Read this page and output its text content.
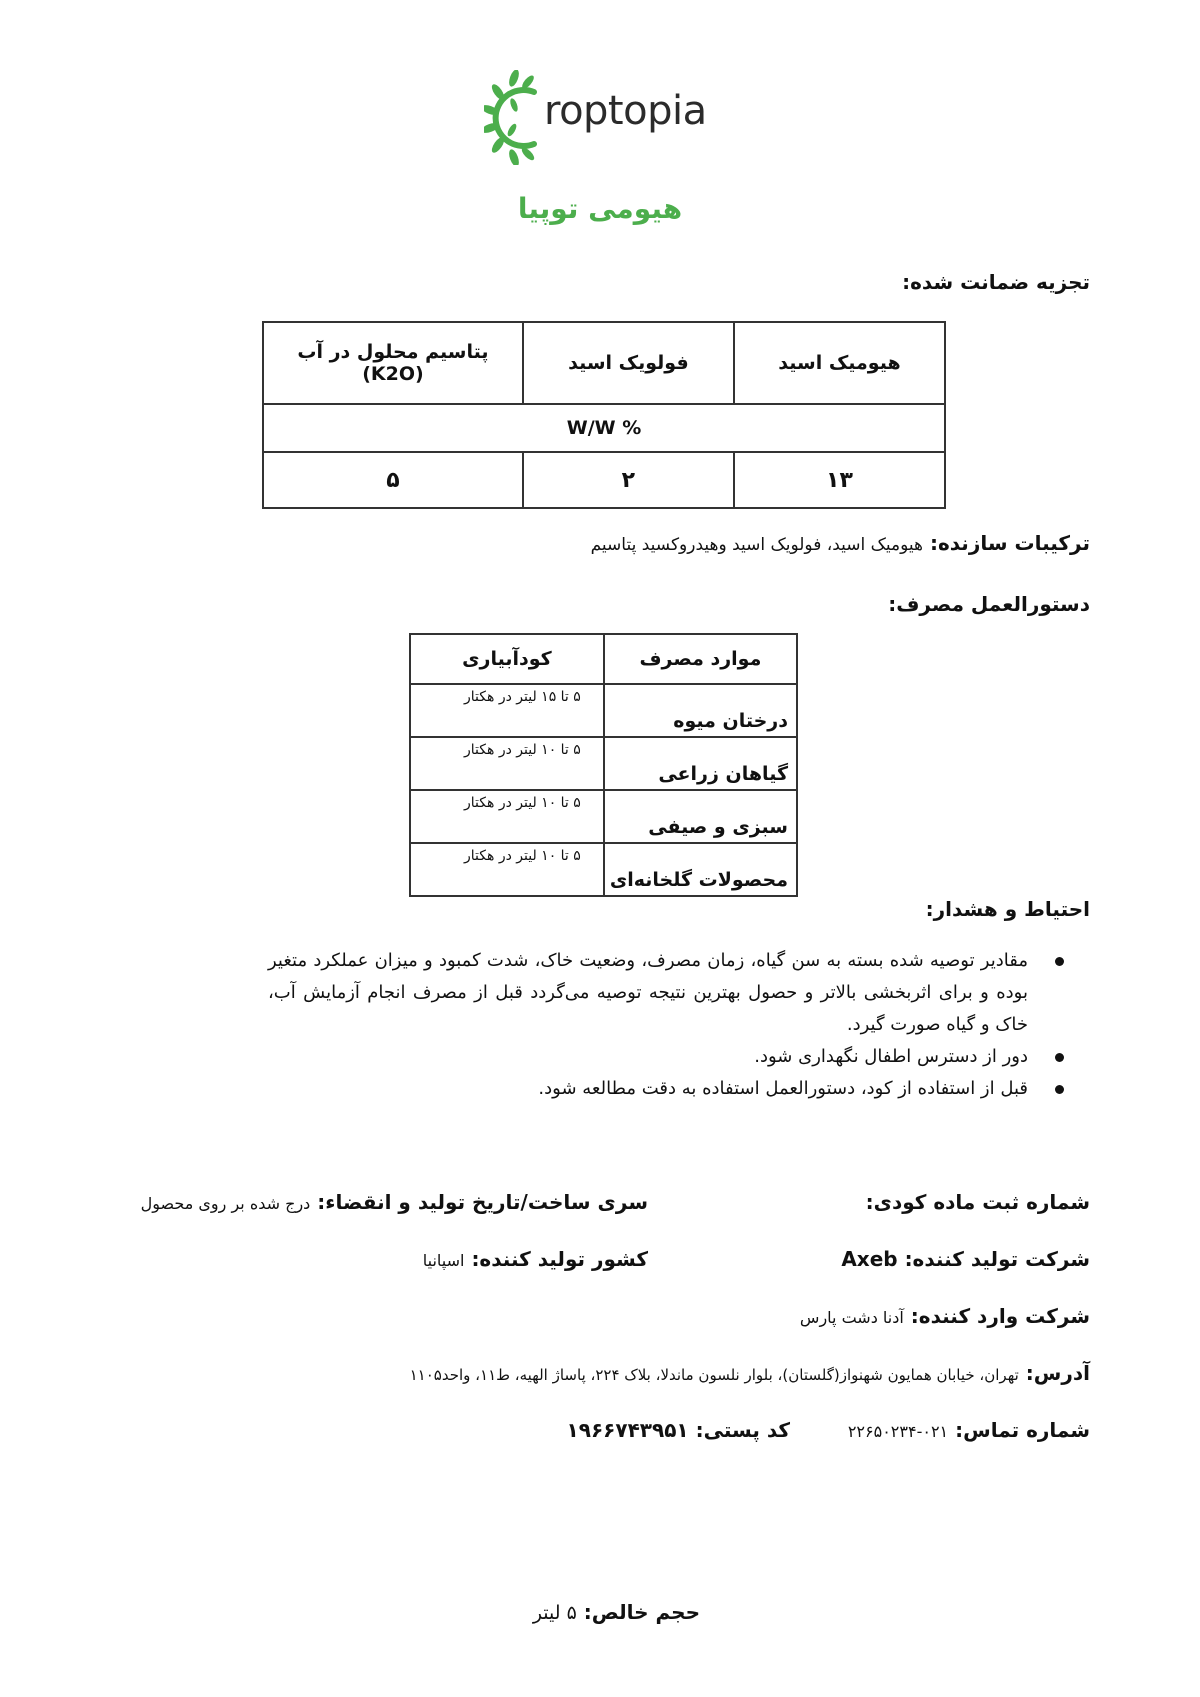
roptopia
هیومی توپیا
تجزیه ضمانت شده:
هیومیک اسید	فولویک اسید	پتاسیم محلول در آب (K2O)
W/W %		
۱۳	۲	۵
ترکیبات سازنده: هیومیک اسید، فولویک اسید وهیدروکسید پتاسیم
دستورالعمل مصرف:
موارد مصرف	کودآبیاری
درختان میوه	۵ تا ۱۵ لیتر در هکتار
گیاهان زراعی	۵ تا ۱۰ لیتر در هکتار
سبزی و صیفی	۵ تا ۱۰ لیتر در هکتار
محصولات گلخانه‌ای	۵ تا ۱۰ لیتر در هکتار
احتیاط و هشدار:
مقادیر توصیه شده بسته به سن گیاه، زمان مصرف، وضعیت خاک، شدت کمبود و میزان عملکرد متغیر بوده و برای اثربخشی بالاتر و حصول بهترین نتیجه توصیه می‌گردد قبل از مصرف انجام آزمایش آب، خاک و گیاه صورت گیرد.
دور از دسترس اطفال نگهداری شود.
قبل از استفاده از کود، دستورالعمل استفاده به دقت مطالعه شود.
شماره ثبت ماده کودی:
سری ساخت/تاریخ تولید و انقضاء: درج شده بر روی محصول
شرکت تولید کننده: Axeb
کشور تولید کننده: اسپانیا
شرکت وارد کننده: آدنا دشت پارس
آدرس: تهران، خیابان همایون شهنواز(گلستان)، بلوار نلسون ماندلا، بلاک ۲۲۴، پاساژ الهیه، ط۱۱، واحد۱۱۰۵
شماره تماس: ۰۲۱-۲۲۶۵۰۲۳۴
کد پستی: ۱۹۶۶۷۴۳۹۵۱
حجم خالص: ۵ لیتر
